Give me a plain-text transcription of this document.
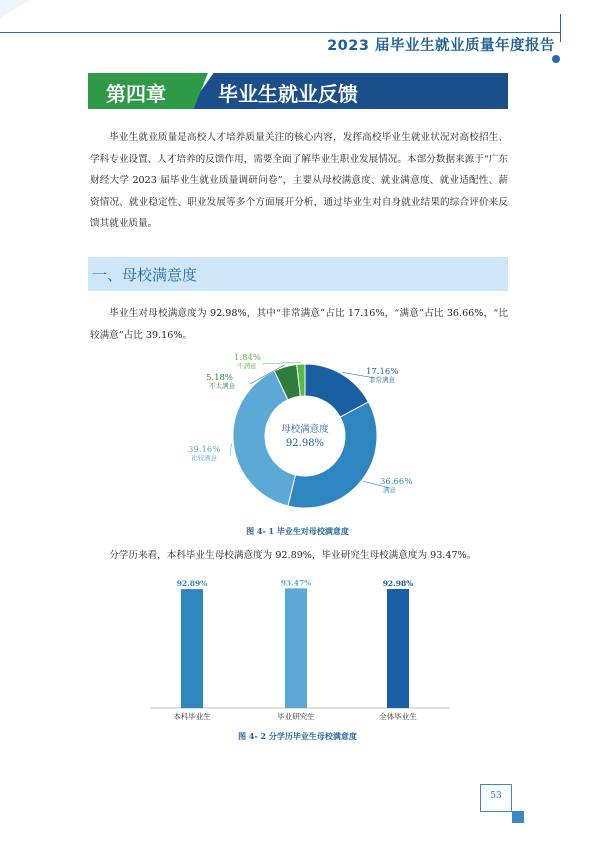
2023 届毕业生就业质量年度报告
第四章	毕业生就业反馈
毕业生就业质量是高校人才培养质量关注的核心内容，发挥高校毕业生就业状况对高校招生、学科专业设置、人才培养的反馈作用，需要全面了解毕业生职业发展情况。本部分数据来源于“广东财经大学 2023 届毕业生就业质量调研问卷”，主要从母校满意度、就业满意度、就业适配性、薪资情况、就业稳定性、职业发展等多个方面展开分析，通过毕业生对自身就业结果的综合评价来反馈其就业质量。
一、母校满意度
毕业生对母校满意度为 92.98%，其中“非常满意”占比 17.16%，“满意”占比 36.66%，“比较满意”占比 39.16%。
17.16%
非常满意
36.66%
满意
39.16%
比较满意
5.18%
不太满意
1.84%
不满意
母校满意度
92.98%
图 4- 1 毕业生对母校满意度
分学历来看，本科毕业生母校满意度为 92.89%，毕业研究生母校满意度为 93.47%。
92.89%
本科毕业生
93.47%
毕业研究生
92.98%
全体毕业生
图 4- 2 分学历毕业生母校满意度
53
